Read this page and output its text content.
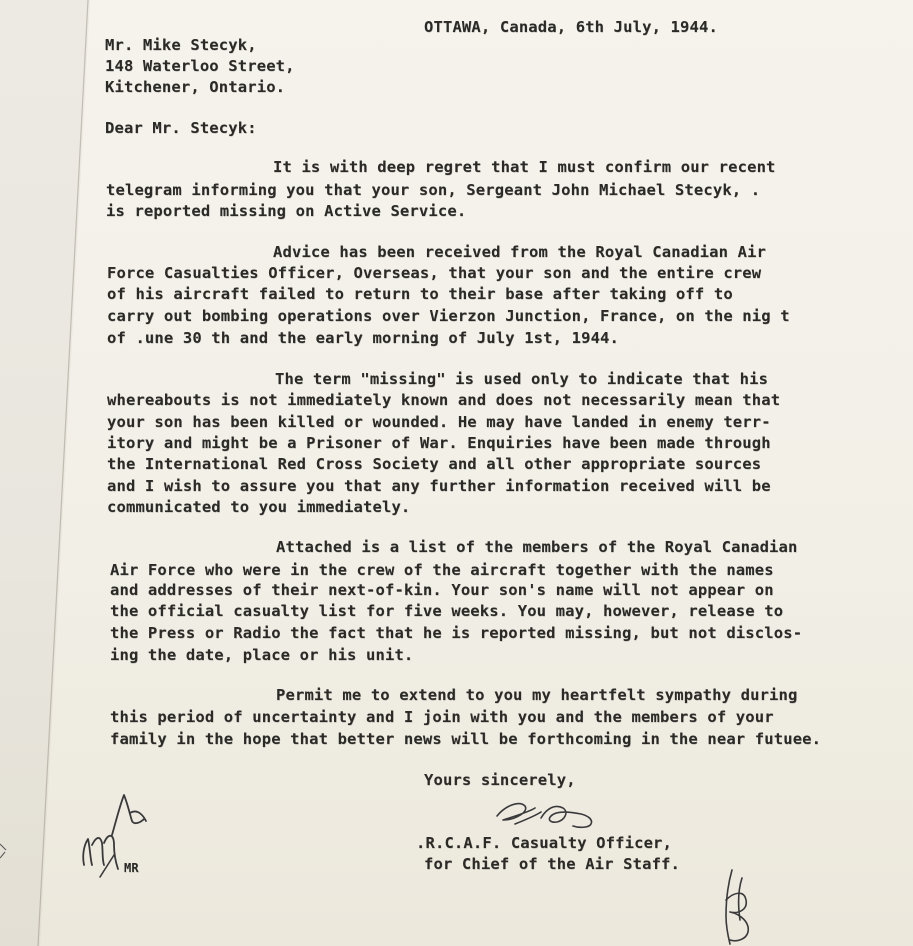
OTTAWA, Canada, 6th July, 1944.
Mr. Mike Stecyk,
148 Waterloo Street,
Kitchener, Ontario.
Dear Mr. Stecyk:
It is with deep regret that I must confirm our recent
telegram informing you that your son, Sergeant John Michael Stecyk, .
is reported missing on Active Service.
Advice has been received from the Royal Canadian Air
Force Casualties Officer, Overseas, that your son and the entire crew
of his aircraft failed to return to their base after taking off to
carry out bombing operations over Vierzon Junction, France, on the nig t
of .une 30 th and the early morning of July 1st, 1944.
The term "missing" is used only to indicate that his
whereabouts is not immediately known and does not necessarily mean that
your son has been killed or wounded. He may have landed in enemy terr-
itory and might be a Prisoner of War. Enquiries have been made through
the International Red Cross Society and all other appropriate sources
and I wish to assure you that any further information received will be
communicated to you immediately.
Attached is a list of the members of the Royal Canadian
Air Force who were in the crew of the aircraft together with the names
and addresses of their next-of-kin. Your son's name will not appear on
the official casualty list for five weeks. You may, however, release to
the Press or Radio the fact that he is reported missing, but not disclos-
ing the date, place or his unit.
Permit me to extend to you my heartfelt sympathy during
this period of uncertainty and I join with you and the members of your
family in the hope that better news will be forthcoming in the near futuee.
Yours sincerely,
.R.C.A.F. Casualty Officer,
for Chief of the Air Staff.
MR
